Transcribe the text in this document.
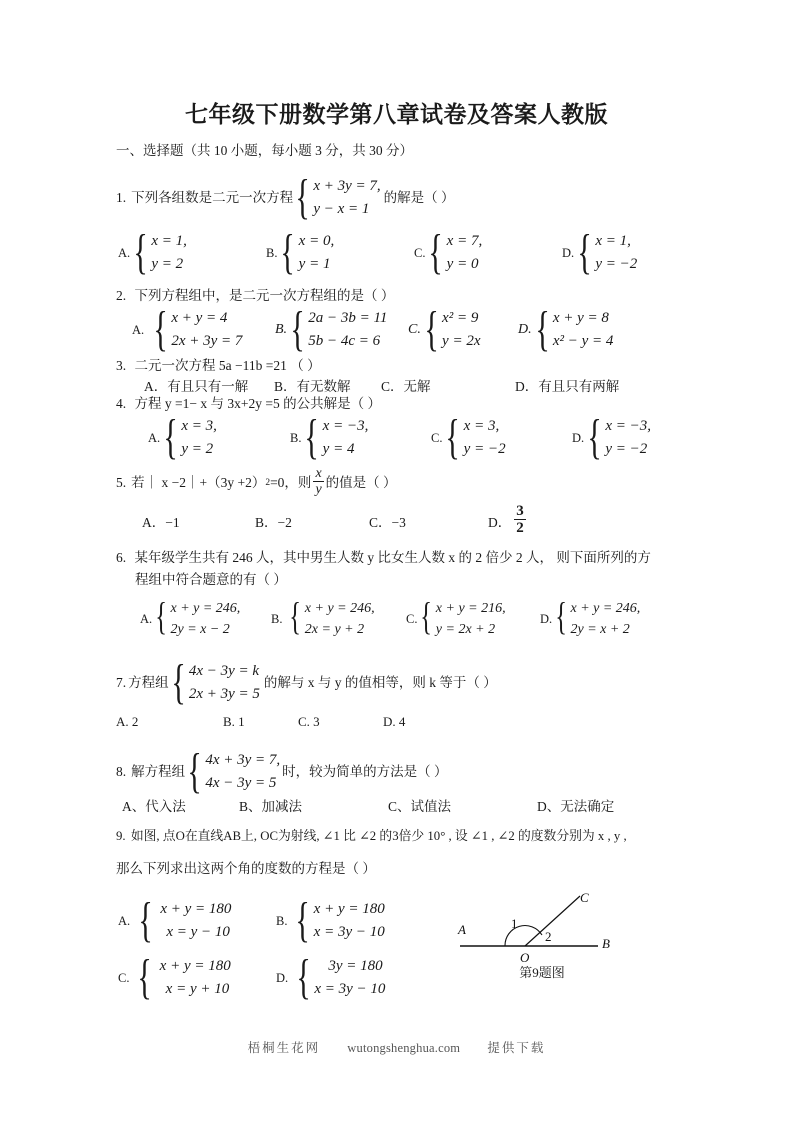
七年级下册数学第八章试卷及答案人教版
一、选择题（共 10 小题，每小题 3 分，共 30 分）
1. 下列各组数是二元一次方程 { x + 3y = 7,
y − x = 1
的解是（ ）
A. { x = 1,
y = 2
B. { x = 0,
y = 1
C. { x = 7,
y = 0
D. { x = 1,
y = −2
2. 下列方程组中，是二元一次方程组的是（ ）
A. { x + y = 4
2x + 3y = 7
B. { 2a − 3b = 11
5b − 4c = 6
C. { x² = 9
y = 2x
D. { x + y = 8
x² − y = 4
3. 二元一次方程 5a −11b =21 （ ）
A．有且只有一解	B．有无数解	C．无解	D．有且只有两解
4. 方程 y =1− x 与 3x+2y =5 的公共解是（ ）
A. { x = 3,
y = 2
B. { x = −3,
y = 4
C. { x = 3,
y = −2
D. { x = −3,
y = −2
5. 若｜ x −2｜+（3y +2） 2 =0，则 $\frac{x}{y}$ 的值是（ ）
A．−1	B．−2	C．−3	D． $\frac{3}{2}$
6. 某年级学生共有 246 人，其中男生人数 y 比女生人数 x 的 2 倍少 2 人， 则下面所列的方
程组中符合题意的有（ ）
A. { x + y = 246,
2y = x − 2
B. { x + y = 246,
2x = y + 2
C. { x + y = 216,
y = 2x + 2
D. { x + y = 246,
2y = x + 2
7. 方程组 { 4x − 3y = k
2x + 3y = 5
的解与 x 与 y 的值相等，则 k 等于（ ）
A. 2	B. 1	C. 3	D. 4
8. 解方程组 { 4x + 3y = 7,
4x − 3y = 5
时，较为简单的方法是（ ）
A、代入法	B、加减法	C、试值法	D、无法确定
9. 如图, 点O在直线AB上, OC为射线, ∠1 比 ∠2 的3倍少 10° , 设 ∠1 , ∠2 的度数分别为 x , y ,
那么下列求出这两个角的度数的方程是（ ）
A. { x + y = 180
x = y − 10
B. { x + y = 180
x = 3y − 10
C. { x + y = 180
x = y + 10
D. {	3y = 180
x = 3y − 10
A
B
C
O
1
2
第9题图
梧桐生花网 wutongshenghua.com 提供下载
